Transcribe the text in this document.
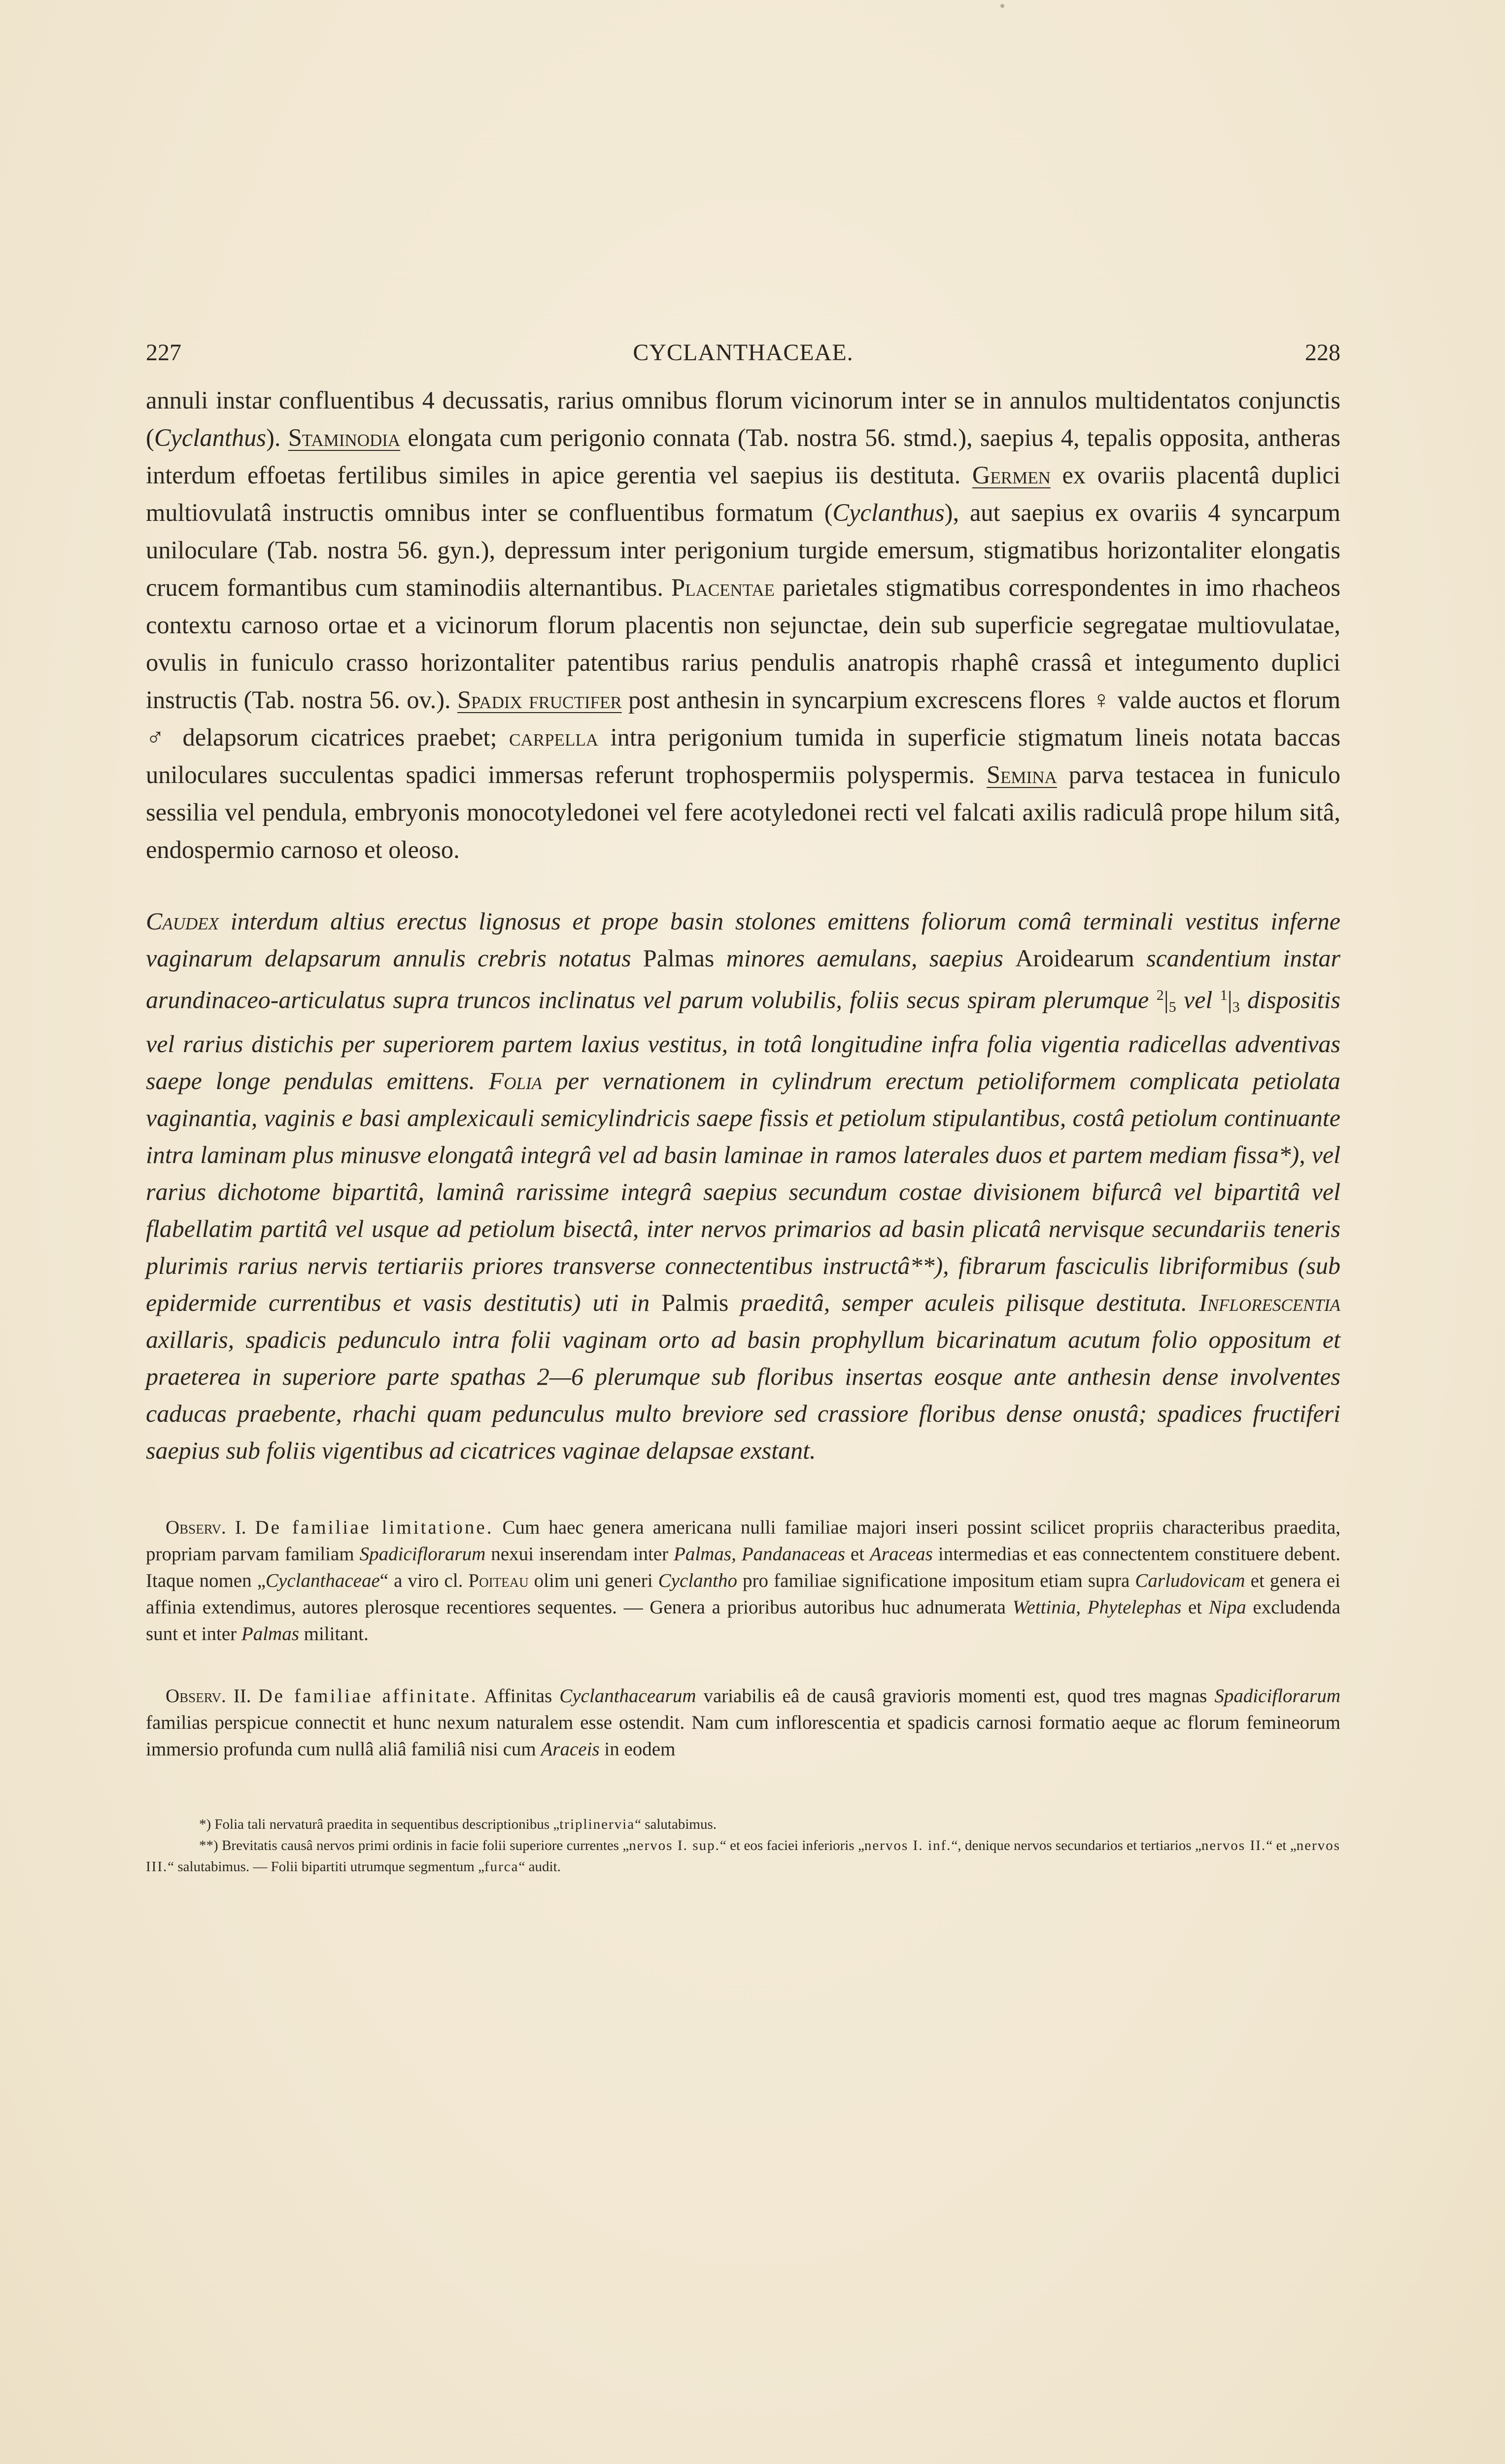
227	CYCLANTHACEAE.	228

annuli instar confluentibus 4 decussatis, rarius omnibus florum vicinorum inter se in annulos multidentatos conjunctis (Cyclanthus). Staminodia elongata cum perigonio connata (Tab. nostra 56. stmd.), saepius 4, tepalis opposita, antheras interdum effoetas fertilibus similes in apice gerentia vel saepius iis destituta. Germen ex ovariis placentâ duplici multiovulatâ instructis omnibus inter se confluentibus formatum (Cyclanthus), aut saepius ex ovariis 4 syncarpum uniloculare (Tab. nostra 56. gyn.), depressum inter perigonium turgide emersum, stigmatibus horizontaliter elongatis crucem formantibus cum staminodiis alternantibus. Placentae parietales stigmatibus correspondentes in imo rhacheos contextu carnoso ortae et a vicinorum florum placentis non sejunctae, dein sub superficie segregatae multiovulatae, ovulis in funiculo crasso horizontaliter patentibus rarius pendulis anatropis rhaphê crassâ et integumento duplici instructis (Tab. nostra 56. ov.). Spadix fructifer post anthesin in syncarpium excrescens flores ♀ valde auctos et florum ♂ delapsorum cicatrices praebet; carpella intra perigonium tumida in superficie stigmatum lineis notata baccas uniloculares succulentas spadici immersas referunt trophospermiis polyspermis. Semina parva testacea in funiculo sessilia vel pendula, embryonis monocotyledonei vel fere acotyledonei recti vel falcati axilis radiculâ prope hilum sitâ, endospermio carnoso et oleoso.

Caudex interdum altius erectus lignosus et prope basin stolones emittens foliorum comâ terminali vestitus inferne vaginarum delapsarum annulis crebris notatus Palmas minores aemulans, saepius Aroidearum scandentium instar arundinaceo-articulatus supra truncos inclinatus vel parum volubilis, foliis secus spiram plerumque $^2$|5 vel $^1$|3 dispositis vel rarius distichis per superiorem partem laxius vestitus, in totâ longitudine infra folia vigentia radicellas adventivas saepe longe pendulas emittens. Folia per vernationem in cylindrum erectum petioliformem complicata petiolata vaginantia, vaginis e basi amplexicauli semicylindricis saepe fissis et petiolum stipulantibus, costâ petiolum continuante intra laminam plus minusve elongatâ integrâ vel ad basin laminae in ramos laterales duos et partem mediam fissa*), vel rarius dichotome bipartitâ, laminâ rarissime integrâ saepius secundum costae divisionem bifurcâ vel bipartitâ vel flabellatim partitâ vel usque ad petiolum bisectâ, inter nervos primarios ad basin plicatâ nervisque secundariis teneris plurimis rarius nervis tertiariis priores transverse connectentibus instructâ**), fibrarum fasciculis libriformibus (sub epidermide currentibus et vasis destitutis) uti in Palmis praeditâ, semper aculeis pilisque destituta. Inflorescentia axillaris, spadicis pedunculo intra folii vaginam orto ad basin prophyllum bicarinatum acutum folio oppositum et praeterea in superiore parte spathas 2—6 plerumque sub floribus insertas eosque ante anthesin dense involventes caducas praebente, rhachi quam pedunculus multo breviore sed crassiore floribus dense onustâ; spadices fructiferi saepius sub foliis vigentibus ad cicatrices vaginae delapsae exstant.

Observ. I. De familiae limitatione. Cum haec genera americana nulli familiae majori inseri possint scilicet propriis characteribus praedita, propriam parvam familiam Spadiciflorarum nexui inserendam inter Palmas, Pandanaceas et Araceas intermedias et eas connectentem constituere debent. Itaque nomen „Cyclanthaceae“ a viro cl. Poiteau olim uni generi Cyclantho pro familiae significatione impositum etiam supra Carludovicam et genera ei affinia extendimus, autores plerosque recentiores sequentes. — Genera a prioribus autoribus huc adnumerata Wettinia, Phytelephas et Nipa excludenda sunt et inter Palmas militant.

Observ. II. De familiae affinitate. Affinitas Cyclanthacearum variabilis eâ de causâ gravioris momenti est, quod tres magnas Spadiciflorarum familias perspicue connectit et hunc nexum naturalem esse ostendit. Nam cum inflorescentia et spadicis carnosi formatio aeque ac florum femineorum immersio profunda cum nullâ aliâ familiâ nisi cum Araceis in eodem

*) Folia tali nervaturâ praedita in sequentibus descriptionibus „triplinervia“ salutabimus.

**) Brevitatis causâ nervos primi ordinis in facie folii superiore currentes „nervos I. sup.“ et eos faciei inferioris „nervos I. inf.“, denique nervos secundarios et tertiarios „nervos II.“ et „nervos III.“ salutabimus. — Folii bipartiti utrumque segmentum „furca“ audit.
